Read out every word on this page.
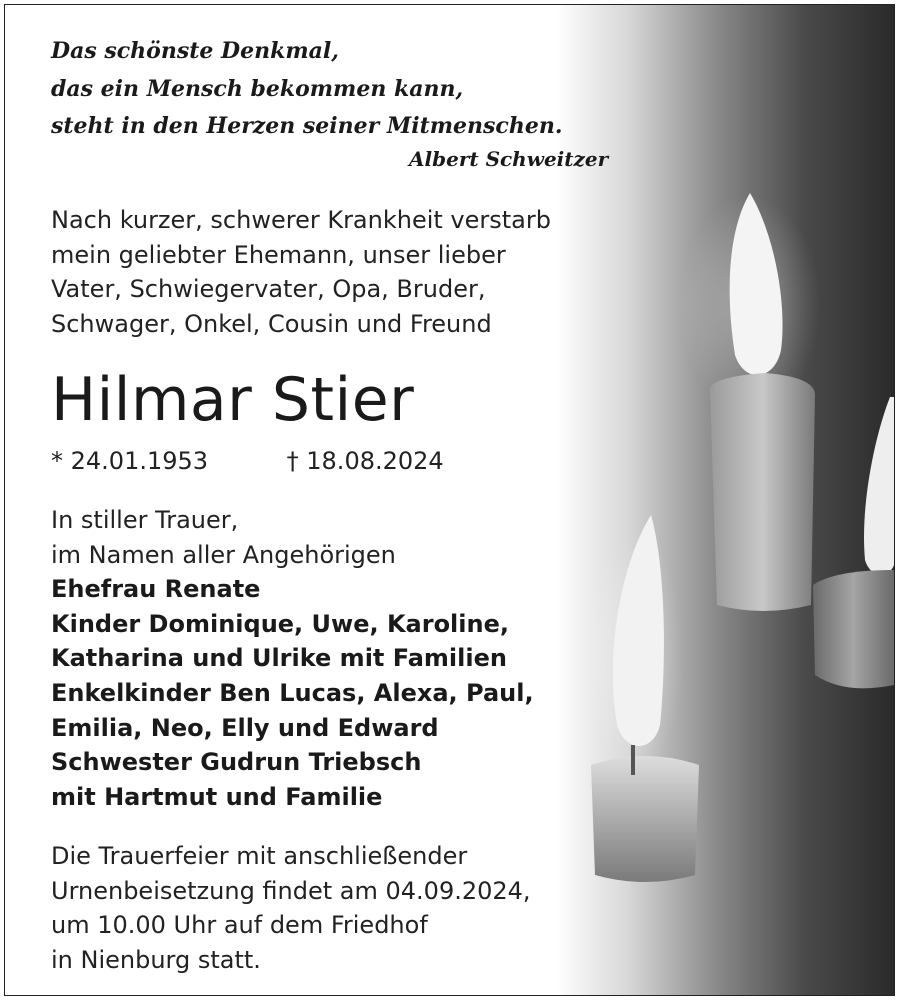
Das schönste Denkmal,
das ein Mensch bekommen kann,
steht in den Herzen seiner Mitmenschen.
Albert Schweitzer
Nach kurzer, schwerer Krankheit verstarb
mein geliebter Ehemann, unser lieber
Vater, Schwiegervater, Opa, Bruder,
Schwager, Onkel, Cousin und Freund
Hilmar Stier
* 24.01.1953	† 18.08.2024
In stiller Trauer,
im Namen aller Angehörigen
Ehefrau Renate
Kinder Dominique, Uwe, Karoline,
Katharina und Ulrike mit Familien
Enkelkinder Ben Lucas, Alexa, Paul,
Emilia, Neo, Elly und Edward
Schwester Gudrun Triebsch
mit Hartmut und Familie
Die Trauerfeier mit anschließender
Urnenbeisetzung findet am 04.09.2024,
um 10.00 Uhr auf dem Friedhof
in Nienburg statt.
